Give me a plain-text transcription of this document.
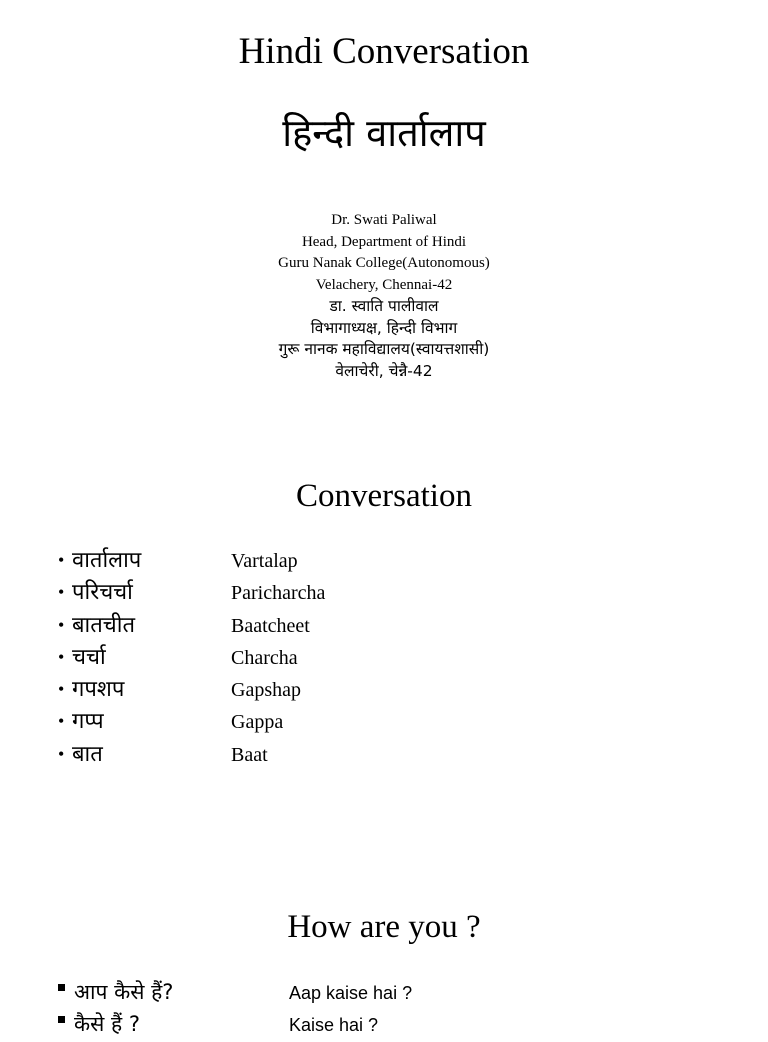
Hindi Conversation
हिन्दी वार्तालाप
Dr. Swati Paliwal
Head, Department of Hindi
Guru Nanak College(Autonomous)
Velachery, Chennai-42
डा. स्वाति पालीवाल
विभागाध्यक्ष, हिन्दी विभाग
गुरू नानक महाविद्यालय(स्वायत्तशासी)
वेलाचेरी, चेन्नै-42
Conversation
• वार्तालाप	Vartalap
• परिचर्चा	Paricharcha
• बातचीत	Baatcheet
• चर्चा	Charcha
• गपशप	Gapshap
• गप्प	Gappa
• बात	Baat
How are you ?
आप कैसे हैं?	Aap kaise hai ?
कैसे हैं ?	Kaise hai ?
